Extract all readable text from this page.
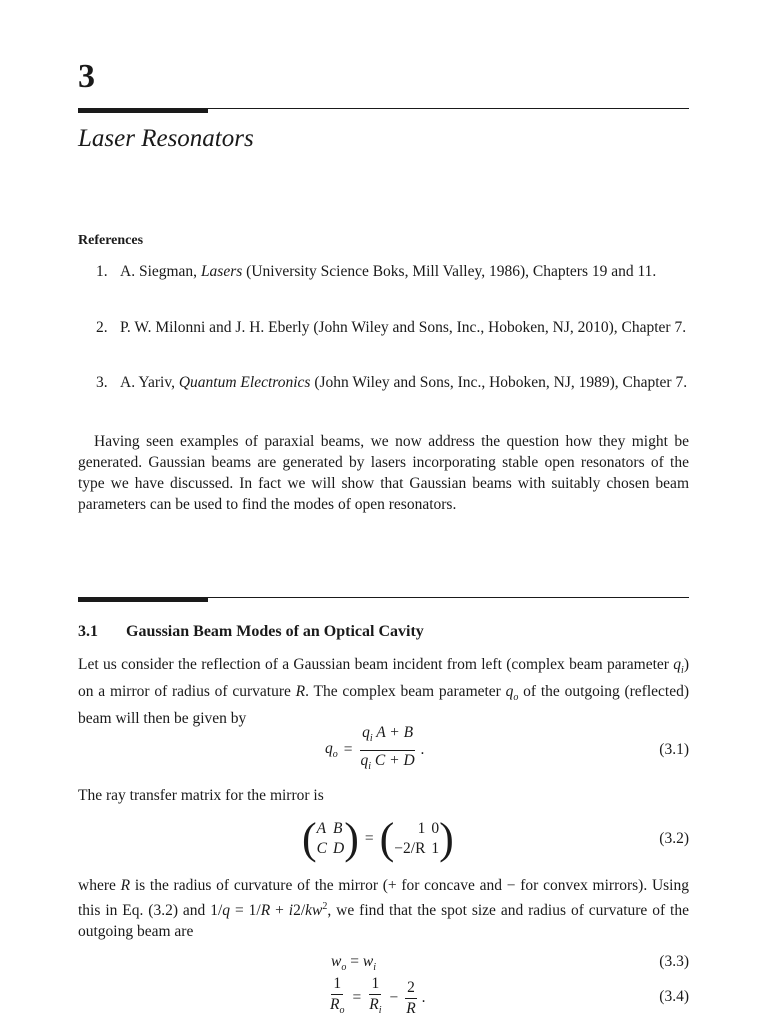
3
Laser Resonators
References
1. A. Siegman, Lasers (University Science Boks, Mill Valley, 1986), Chapters 19 and 11.
2. P. W. Milonni and J. H. Eberly (John Wiley and Sons, Inc., Hoboken, NJ, 2010), Chapter 7.
3. A. Yariv, Quantum Electronics (John Wiley and Sons, Inc., Hoboken, NJ, 1989), Chapter 7.
Having seen examples of paraxial beams, we now address the question how they might be generated. Gaussian beams are generated by lasers incorporating stable open resonators of the type we have discussed. In fact we will show that Gaussian beams with suitably chosen beam parameters can be used to find the modes of open resonators.
3.1 Gaussian Beam Modes of an Optical Cavity
Let us consider the reflection of a Gaussian beam incident from left (complex beam parameter $q_i$) on a mirror of radius of curvature R. The complex beam parameter $q_o$ of the outgoing (reflected) beam will then be given by
$q_o = \frac{q_i A + B}{q_i C + D}$ .	(3.1)
The ray transfer matrix for the mirror is
( A B
C D ) = (	1 0
−2/R 1 )	(3.2)
where R is the radius of curvature of the mirror (+ for concave and − for convex mirrors). Using this in Eq. (3.2) and $1/q = 1/R + i2/kw^2$, we find that the spot size and radius of curvature of the outgoing beam are
$w_o = w_i$	(3.3)
$\frac{1}{R_o} = \frac{1}{R_i} - \frac{2}{R}$ .	(3.4)
